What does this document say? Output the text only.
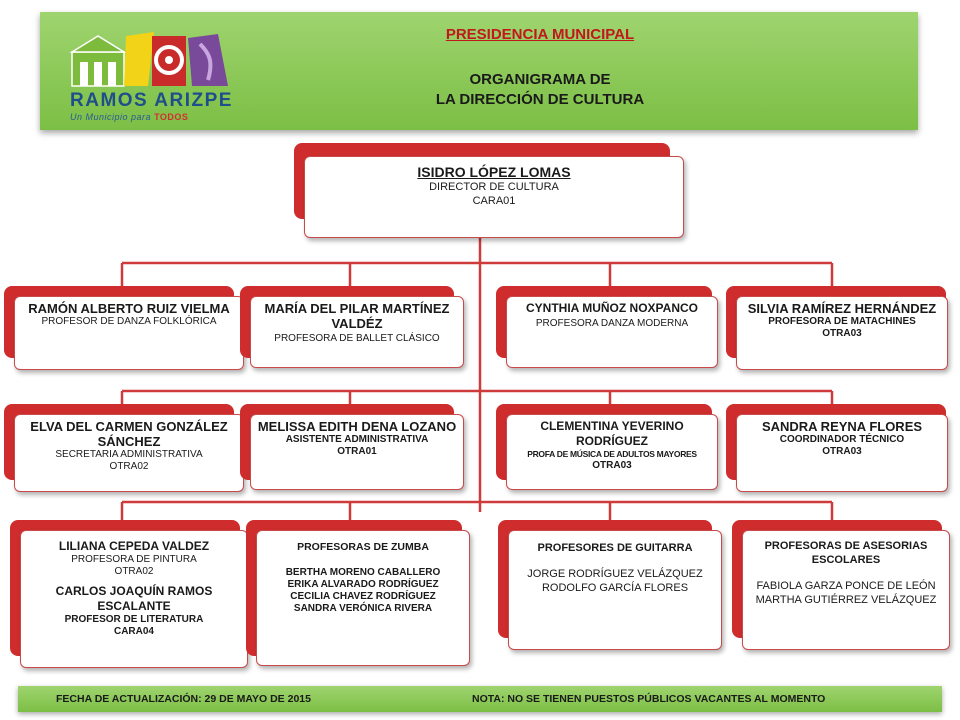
RAMOS ARIZPE
Un Municipio para TODOS
PRESIDENCIA MUNICIPAL
ORGANIGRAMA DE
LA DIRECCIÓN DE CULTURA
ISIDRO LÓPEZ LOMAS
DIRECTOR DE CULTURA
CARA01
RAMÓN ALBERTO RUIZ VIELMA
PROFESOR DE DANZA FOLKLÓRICA
MARÍA DEL PILAR MARTÍNEZ VALDÉZ
PROFESORA DE BALLET CLÁSICO
CYNTHIA MUÑOZ NOXPANCO
PROFESORA DANZA MODERNA
SILVIA RAMÍREZ HERNÁNDEZ
PROFESORA DE MATACHINES
OTRA03
ELVA DEL CARMEN GONZÁLEZ SÁNCHEZ
SECRETARIA ADMINISTRATIVA
OTRA02
MELISSA EDITH DENA LOZANO
ASISTENTE ADMINISTRATIVA
OTRA01
CLEMENTINA YEVERINO RODRÍGUEZ
PROFA DE MÚSICA DE ADULTOS MAYORES
OTRA03
SANDRA REYNA FLORES
COORDINADOR TÉCNICO
OTRA03
LILIANA CEPEDA VALDEZ
PROFESORA DE PINTURA
OTRA02
CARLOS JOAQUÍN RAMOS ESCALANTE
PROFESOR DE LITERATURA
CARA04
PROFESORAS DE ZUMBA
BERTHA MORENO CABALLERO
ERIKA ALVARADO RODRÍGUEZ
CECILIA CHAVEZ RODRÍGUEZ
SANDRA VERÓNICA RIVERA
PROFESORES DE GUITARRA
JORGE RODRÍGUEZ VELÁZQUEZ
RODOLFO GARCÍA FLORES
PROFESORAS DE ASESORIAS ESCOLARES
FABIOLA GARZA PONCE DE LEÓN
MARTHA GUTIÉRREZ VELÁZQUEZ
FECHA DE ACTUALIZACIÓN: 29 DE MAYO DE 2015	NOTA: NO SE TIENEN PUESTOS PÚBLICOS VACANTES AL MOMENTO
